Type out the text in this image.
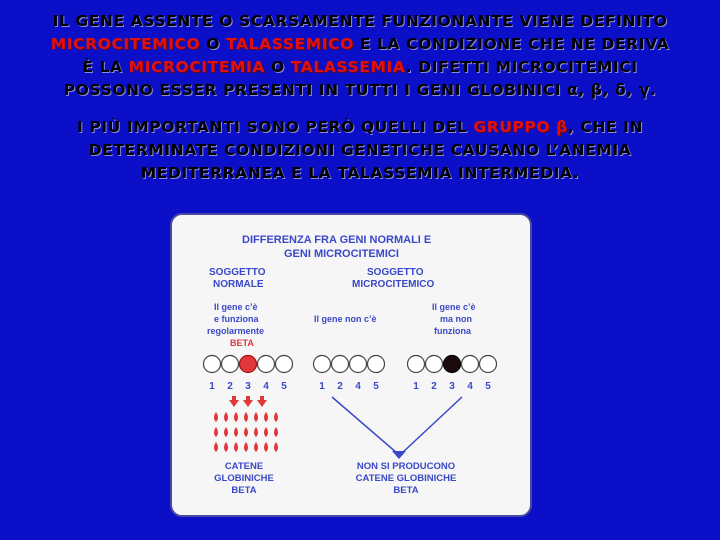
IL GENE ASSENTE O SCARSAMENTE FUNZIONANTE VIENE DEFINITO
MICROCITEMICO O TALASSEMICO E LA CONDIZIONE CHE NE DERIVA
È LA MICROCITEMIA O TALASSEMIA. DIFETTI MICROCITEMICI
POSSONO ESSER PRESENTI IN TUTTI I GENI GLOBINICI α, β, δ, γ.
I PIÙ IMPORTANTI SONO PERÒ QUELLI DEL GRUPPO β, CHE IN
DETERMINATE CONDIZIONI GENETICHE CAUSANO L’ANEMIA
MEDITERRANEA E LA TALASSEMIA INTERMEDIA.
DIFFERENZA FRA GENI NORMALI E
GENI MICROCITEMICI
SOGGETTO
NORMALE
SOGGETTO
MICROCITEMICO
Il gene c’è
e funziona
regolarmente
BETA
Il gene non c’è
Il gene c’è
ma non
funziona
1 2 3 4 5	1 2 4 5	1 2 3 4 5
CATENE
GLOBINICHE
BETA
NON SI PRODUCONO
CATENE GLOBINICHE
BETA
